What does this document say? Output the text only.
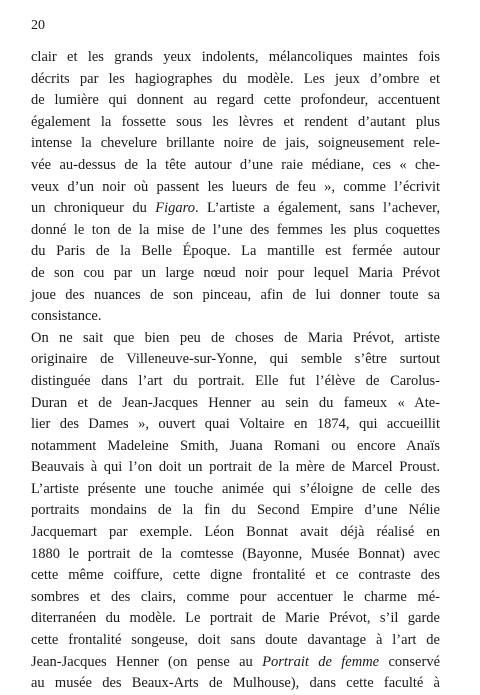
20

clair et les grands yeux indolents, mélancoliques maintes fois
décrits par les hagiographes du modèle. Les jeux d’ombre et
de lumière qui donnent au regard cette profondeur, accentuent
également la fossette sous les lèvres et rendent d’autant plus
intense la chevelure brillante noire de jais, soigneusement rele-
vée au-dessus de la tête autour d’une raie médiane, ces « che-
veux d’un noir où passent les lueurs de feu », comme l’écrivit
un chroniqueur du Figaro. L’artiste a également, sans l’achever,
donné le ton de la mise de l’une des femmes les plus coquettes
du Paris de la Belle Époque. La mantille est fermée autour
de son cou par un large nœud noir pour lequel Maria Prévot
joue des nuances de son pinceau, afin de lui donner toute sa
consistance.
On ne sait que bien peu de choses de Maria Prévot, artiste
originaire de Villeneuve-sur-Yonne, qui semble s’être surtout
distinguée dans l’art du portrait. Elle fut l’élève de Carolus-
Duran et de Jean-Jacques Henner au sein du fameux « Ate-
lier des Dames », ouvert quai Voltaire en 1874, qui accueillit
notamment Madeleine Smith, Juana Romani ou encore Anaïs
Beauvais à qui l’on doit un portrait de la mère de Marcel Proust.
L’artiste présente une touche animée qui s’éloigne de celle des
portraits mondains de la fin du Second Empire d’une Nélie
Jacquemart par exemple. Léon Bonnat avait déjà réalisé en
1880 le portrait de la comtesse (Bayonne, Musée Bonnat) avec
cette même coiffure, cette digne frontalité et ce contraste des
sombres et des clairs, comme pour accentuer le charme mé-
diterranéen du modèle. Le portrait de Marie Prévot, s’il garde
cette frontalité songeuse, doit sans doute davantage à l’art de
Jean-Jacques Henner (on pense au Portrait de femme conservé
au musée des Beaux-Arts de Mulhouse), dans cette faculté à
